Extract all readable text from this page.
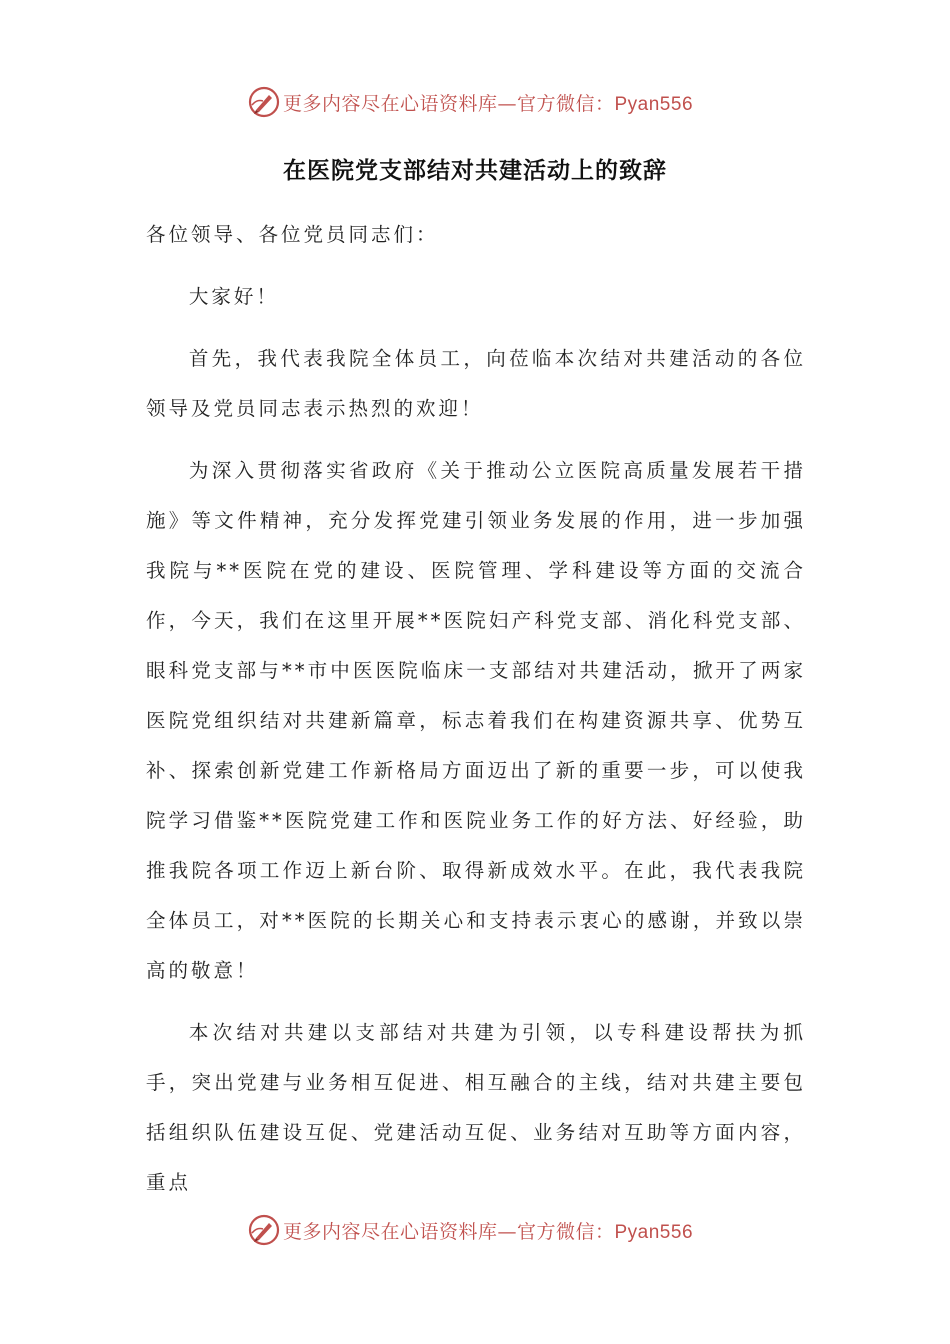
更多内容尽在心语资料库—官方微信：Pyan556
在医院党支部结对共建活动上的致辞

各位领导、各位党员同志们：

大家好！

首先，我代表我院全体员工，向莅临本次结对共建活动的各位领导及党员同志表示热烈的欢迎！

为深入贯彻落实省政府《关于推动公立医院高质量发展若干措施》等文件精神，充分发挥党建引领业务发展的作用，进一步加强我院与**医院在党的建设、医院管理、学科建设等方面的交流合作，今天，我们在这里开展**医院妇产科党支部、消化科党支部、眼科党支部与**市中医医院临床一支部结对共建活动，掀开了两家医院党组织结对共建新篇章，标志着我们在构建资源共享、优势互补、探索创新党建工作新格局方面迈出了新的重要一步，可以使我院学习借鉴**医院党建工作和医院业务工作的好方法、好经验，助推我院各项工作迈上新台阶、取得新成效水平。在此，我代表我院全体员工，对**医院的长期关心和支持表示衷心的感谢，并致以崇高的敬意！

本次结对共建以支部结对共建为引领，以专科建设帮扶为抓手，突出党建与业务相互促进、相互融合的主线，结对共建主要包括组织队伍建设互促、党建活动互促、业务结对互助等方面内容，重点

更多内容尽在心语资料库—官方微信：Pyan556
